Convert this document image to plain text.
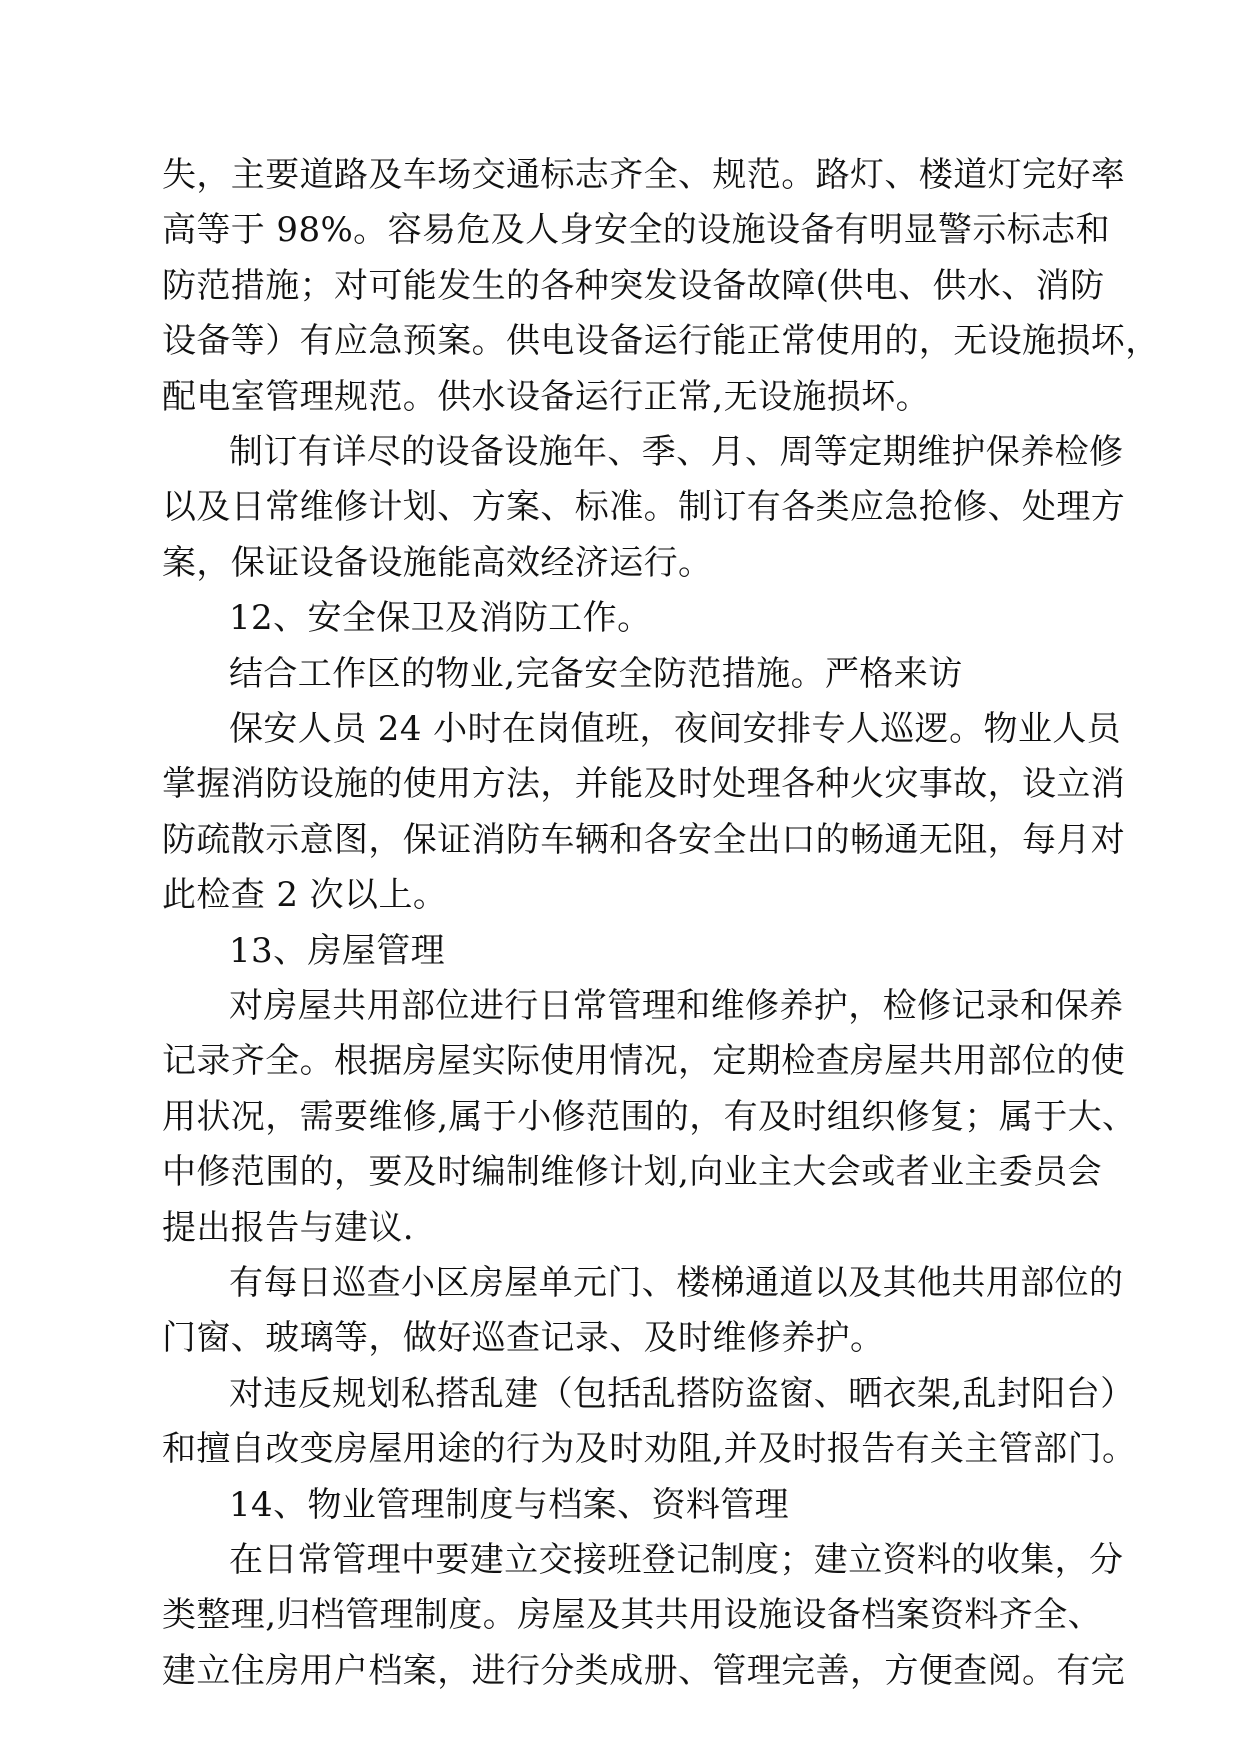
失，主要道路及车场交通标志齐全、规范。路灯、楼道灯完好率
高等于 98%。容易危及人身安全的设施设备有明显警示标志和
防范措施；对可能发生的各种突发设备故障(供电、供水、消防
设备等）有应急预案。供电设备运行能正常使用的，无设施损坏，
配电室管理规范。供水设备运行正常,无设施损坏。
制订有详尽的设备设施年、季、月、周等定期维护保养检修
以及日常维修计划、方案、标准。制订有各类应急抢修、处理方
案，保证设备设施能高效经济运行。
12、安全保卫及消防工作。
结合工作区的物业,完备安全防范措施。严格来访
保安人员 24 小时在岗值班，夜间安排专人巡逻。物业人员
掌握消防设施的使用方法，并能及时处理各种火灾事故，设立消
防疏散示意图，保证消防车辆和各安全出口的畅通无阻，每月对
此检查 2 次以上。
13、房屋管理
对房屋共用部位进行日常管理和维修养护，检修记录和保养
记录齐全。根据房屋实际使用情况，定期检查房屋共用部位的使
用状况，需要维修,属于小修范围的，有及时组织修复；属于大、
中修范围的，要及时编制维修计划,向业主大会或者业主委员会
提出报告与建议.
有每日巡查小区房屋单元门、楼梯通道以及其他共用部位的
门窗、玻璃等，做好巡查记录、及时维修养护。
对违反规划私搭乱建（包括乱搭防盗窗、晒衣架,乱封阳台）
和擅自改变房屋用途的行为及时劝阻,并及时报告有关主管部门。
14、物业管理制度与档案、资料管理
在日常管理中要建立交接班登记制度；建立资料的收集，分
类整理,归档管理制度。房屋及其共用设施设备档案资料齐全、
建立住房用户档案，进行分类成册、管理完善，方便查阅。有完
